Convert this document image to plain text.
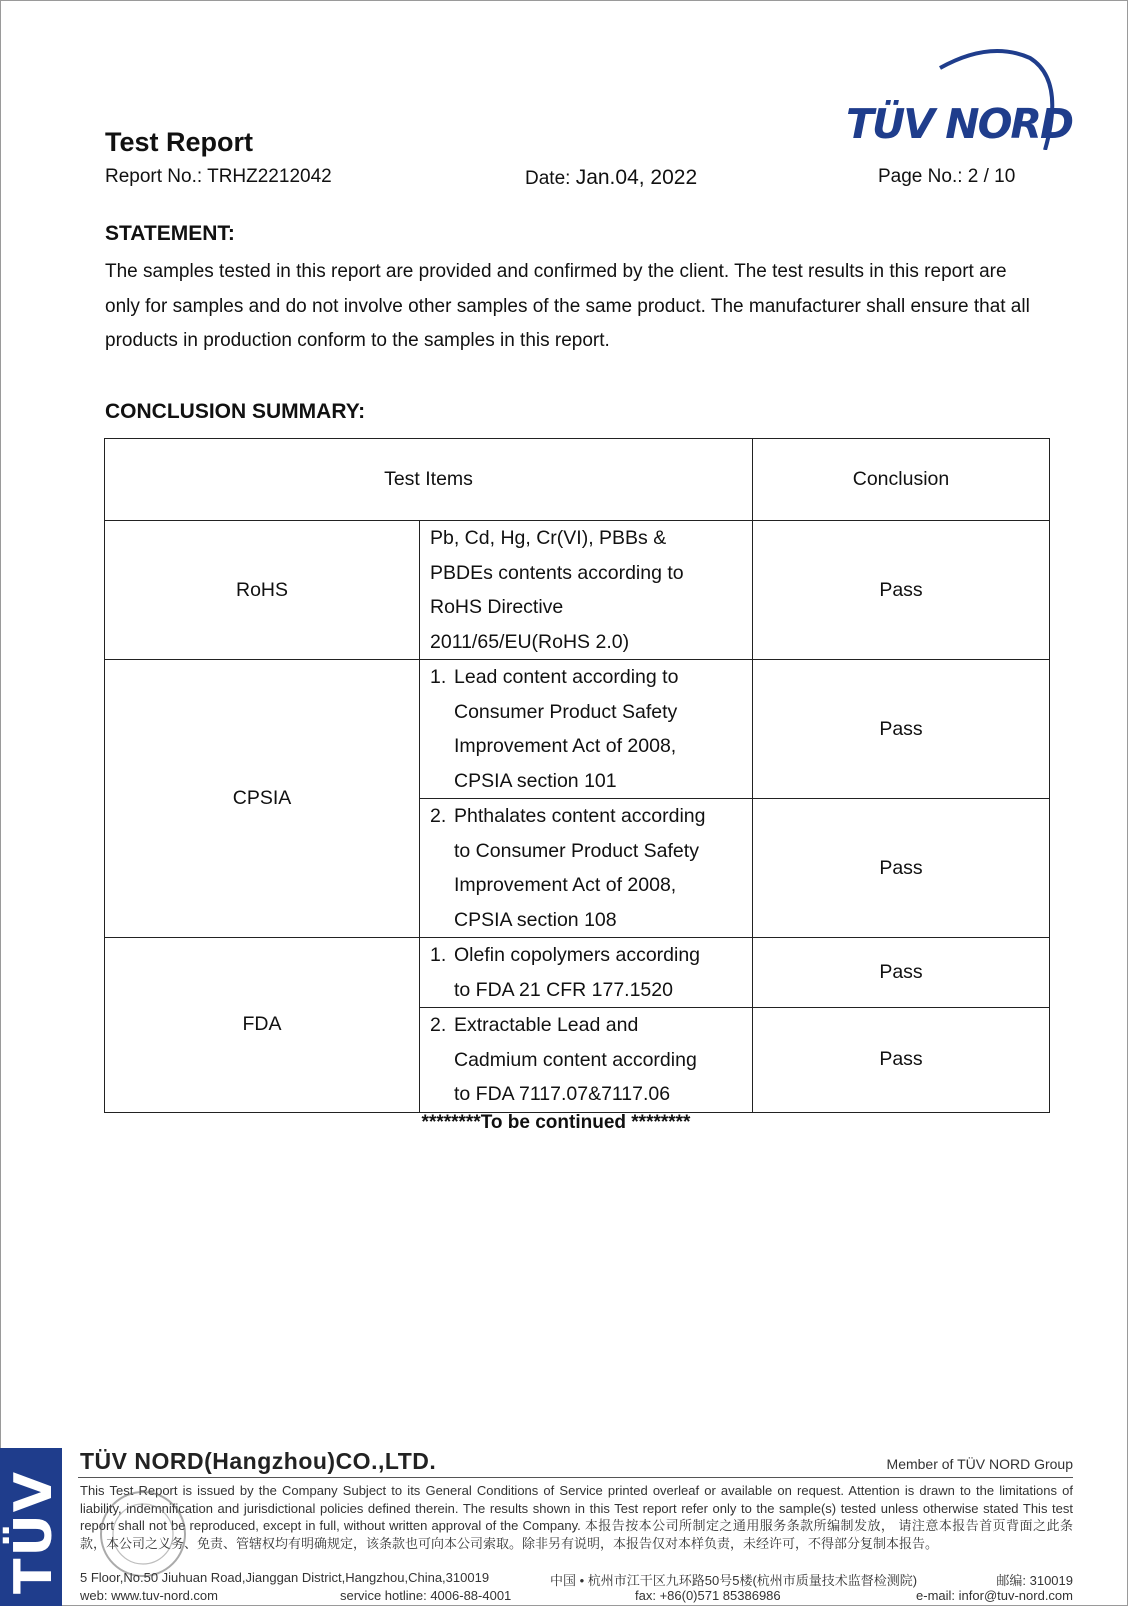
TÜV NORD
Test Report
Report No.: TRHZ2212042	Date: Jan.04, 2022	Page No.: 2 / 10
STATEMENT:
The samples tested in this report are provided and confirmed by the client. The test results in this report are only for samples and do not involve other samples of the same product. The manufacturer shall ensure that all products in production conform to the samples in this report.
CONCLUSION SUMMARY:
Test Items		Conclusion
RoHS	Pb, Cd, Hg, Cr(VI), PBBs &
PBDEs contents according to
RoHS Directive
2011/65/EU(RoHS 2.0)	Pass
CPSIA	1. Lead content according to
Consumer Product Safety
Improvement Act of 2008,
CPSIA section 101	Pass

	2. Phthalates content according
to Consumer Product Safety
Improvement Act of 2008,
CPSIA section 108	Pass
FDA	1. Olefin copolymers according
to FDA 21 CFR 177.1520	Pass

	2. Extractable Lead and
Cadmium content according
to FDA 7117.07&7117.06	Pass
********To be continued ********
TÜV
TÜV NORD(Hangzhou)CO.,LTD.	Member of TÜV NORD Group
This Test Report is issued by the Company Subject to its General Conditions of Service printed overleaf or available on request. Attention is drawn to the limitations of liability, indemnification and jurisdictional policies defined therein. The results shown in this Test report refer only to the sample(s) tested unless otherwise stated This test report shall not be reproduced, except in full, without written approval of the Company. 本报告按本公司所制定之通用服务条款所编制发放， 请注意本报告首页背面之此条款，本公司之义务、免责、管辖权均有明确规定，该条款也可向本公司索取。除非另有说明，本报告仅对本样负责，未经许可，不得部分复制本报告。
5 Floor,No.50 Jiuhuan Road,Jianggan District,Hangzhou,China,310019	中国 • 杭州市江干区九环路50号5楼(杭州市质量技术监督检测院)	邮编: 310019
web: www.tuv-nord.com	service hotline: 4006-88-4001	fax: +86(0)571 85386986	e-mail: infor@tuv-nord.com
